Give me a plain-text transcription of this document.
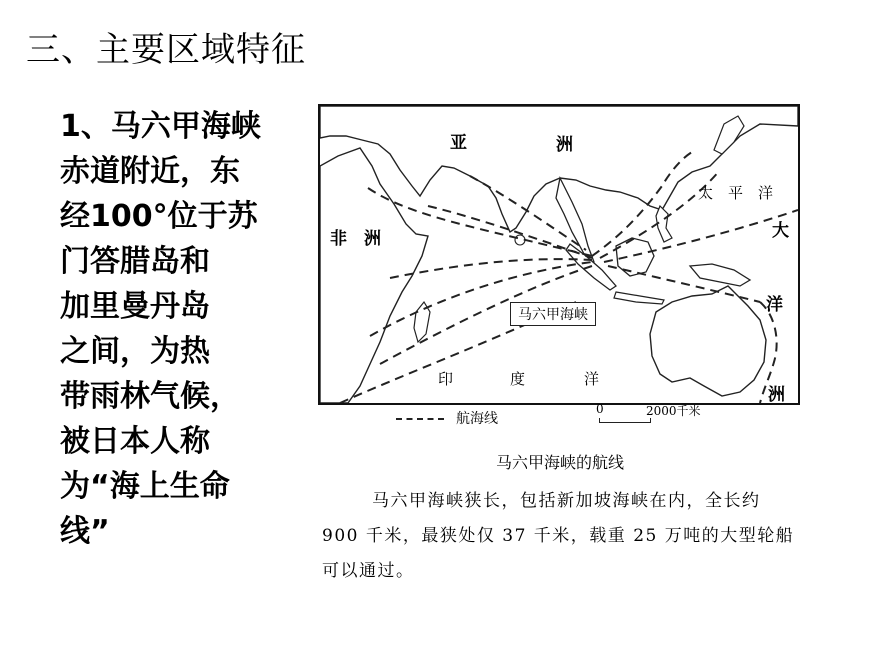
三、主要区域特征
1、马六甲海峡
赤道附近，东
经100°位于苏
门答腊岛和
加里曼丹岛
之间，为热
带雨林气候，
被日本人称
为“海上生命
线”
亚	洲
非　洲
太　平　洋
大
洋
洲
印	度	洋
马六甲海峡
航海线
0	2000千米
马六甲海峡的航线
马六甲海峡狭长，包括新加坡海峡在内，全长约 900 千米，最狭处仅 37 千米，载重 25 万吨的大型轮船可以通过。
